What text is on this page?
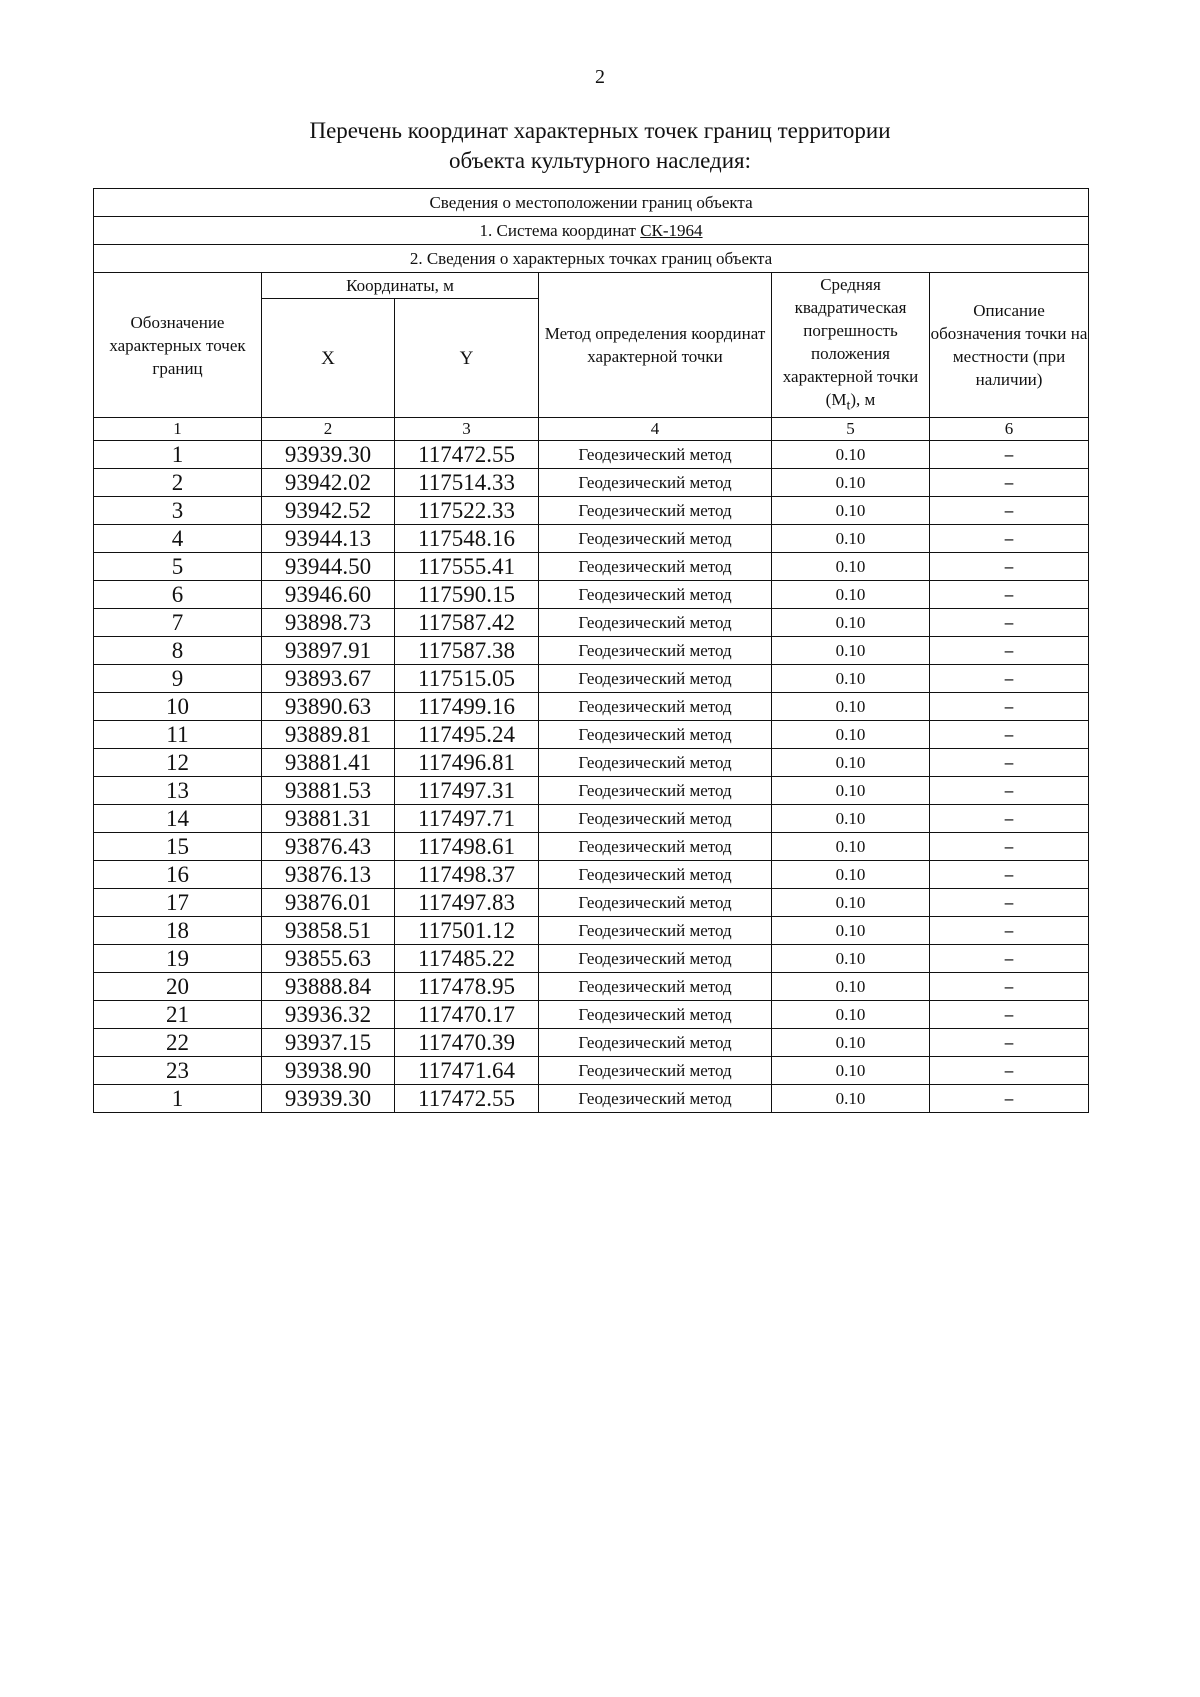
2
Перечень координат характерных точек границ территории
объекта культурного наследия:
Сведения о местоположении границ объекта					
1. Система координат СК-1964					
2. Сведения о характерных точках границ объекта					
Обозначение характерных точек границ	Координаты, м		Метод определения координат характерной точки	Средняя квадратическая погрешность положения характерной точки $(M_t)$, м	Описание обозначения точки на местности (при наличии)
	X	Y			
1	2	3	4	5	6
1	93939.30	117472.55	Геодезический метод	0.10	–
2	93942.02	117514.33	Геодезический метод	0.10	–
3	93942.52	117522.33	Геодезический метод	0.10	–
4	93944.13	117548.16	Геодезический метод	0.10	–
5	93944.50	117555.41	Геодезический метод	0.10	–
6	93946.60	117590.15	Геодезический метод	0.10	–
7	93898.73	117587.42	Геодезический метод	0.10	–
8	93897.91	117587.38	Геодезический метод	0.10	–
9	93893.67	117515.05	Геодезический метод	0.10	–
10	93890.63	117499.16	Геодезический метод	0.10	–
11	93889.81	117495.24	Геодезический метод	0.10	–
12	93881.41	117496.81	Геодезический метод	0.10	–
13	93881.53	117497.31	Геодезический метод	0.10	–
14	93881.31	117497.71	Геодезический метод	0.10	–
15	93876.43	117498.61	Геодезический метод	0.10	–
16	93876.13	117498.37	Геодезический метод	0.10	–
17	93876.01	117497.83	Геодезический метод	0.10	–
18	93858.51	117501.12	Геодезический метод	0.10	–
19	93855.63	117485.22	Геодезический метод	0.10	–
20	93888.84	117478.95	Геодезический метод	0.10	–
21	93936.32	117470.17	Геодезический метод	0.10	–
22	93937.15	117470.39	Геодезический метод	0.10	–
23	93938.90	117471.64	Геодезический метод	0.10	–
1	93939.30	117472.55	Геодезический метод	0.10	–
